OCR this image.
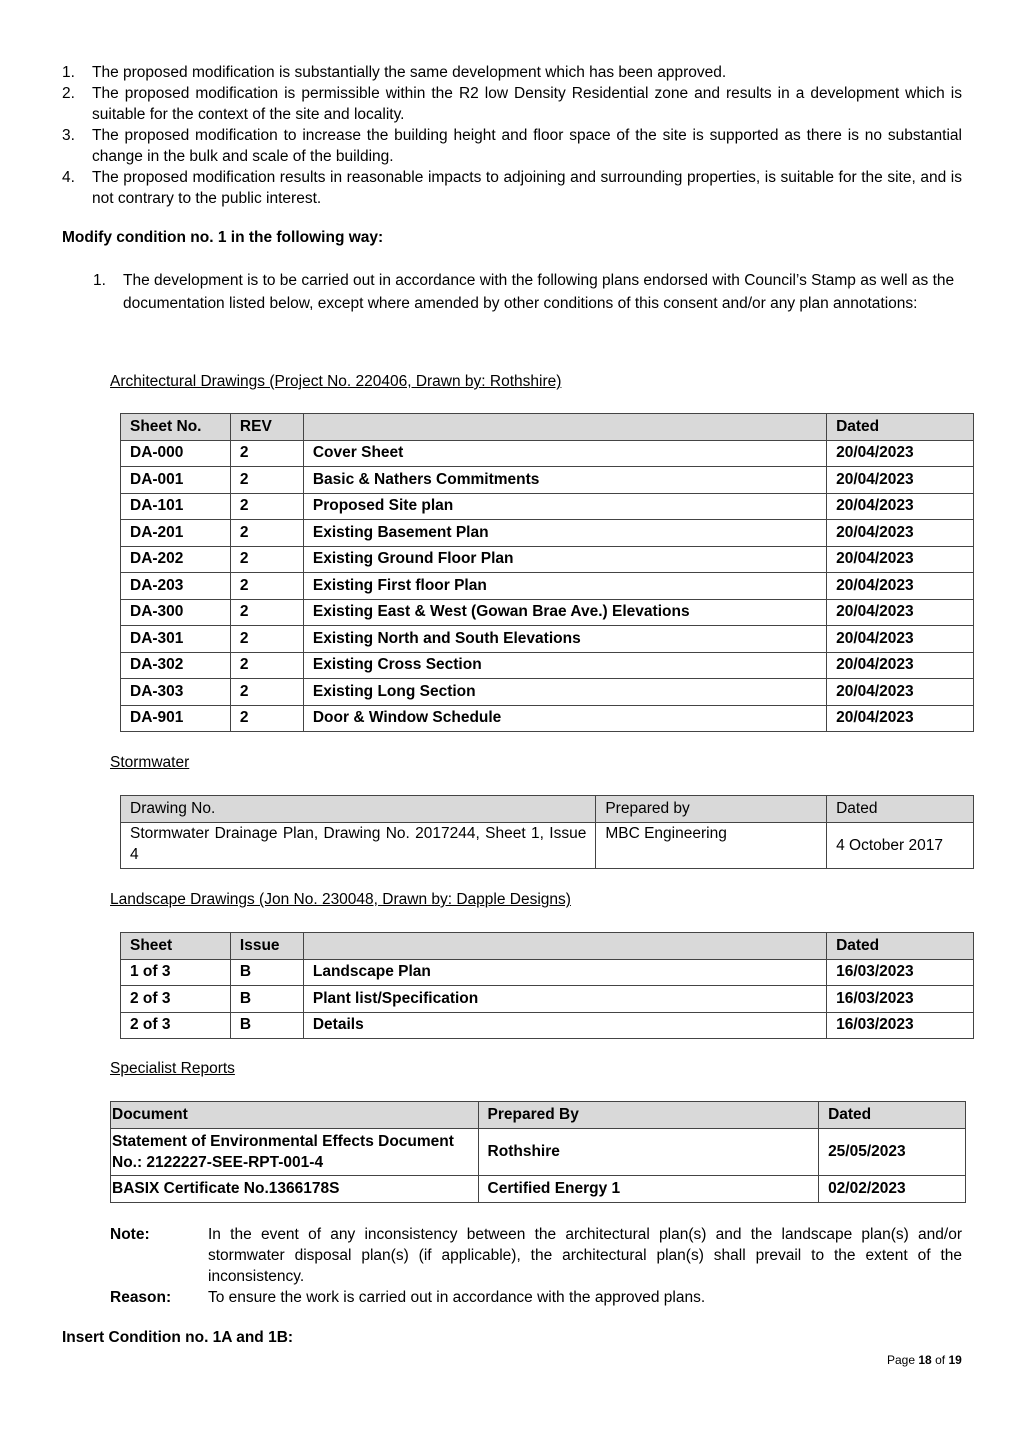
1.	The proposed modification is substantially the same development which has been approved.
2.	The proposed modification is permissible within the R2 low Density Residential zone and results in a development which is suitable for the context of the site and locality.
3.	The proposed modification to increase the building height and floor space of the site is supported as there is no substantial change in the bulk and scale of the building.
4.	The proposed modification results in reasonable impacts to adjoining and surrounding properties, is suitable for the site, and is not contrary to the public interest.
Modify condition no. 1 in the following way:
1.	The development is to be carried out in accordance with the following plans endorsed with Council’s Stamp as well as the documentation listed below, except where amended by other conditions of this consent and/or any plan annotations:
Architectural Drawings (Project No. 220406, Drawn by: Rothshire)
Sheet No.	REV		Dated
DA-000	2	Cover Sheet	20/04/2023
DA-001	2	Basic & Nathers Commitments	20/04/2023
DA-101	2	Proposed Site plan	20/04/2023
DA-201	2	Existing Basement Plan	20/04/2023
DA-202	2	Existing Ground Floor Plan	20/04/2023
DA-203	2	Existing First floor Plan	20/04/2023
DA-300	2	Existing East & West (Gowan Brae Ave.) Elevations	20/04/2023
DA-301	2	Existing North and South Elevations	20/04/2023
DA-302	2	Existing Cross Section	20/04/2023
DA-303	2	Existing Long Section	20/04/2023
DA-901	2	Door & Window Schedule	20/04/2023
Stormwater
Drawing No.	Prepared by	Dated
Stormwater Drainage Plan, Drawing No. 2017244, Sheet 1, Issue 4	MBC Engineering	4 October 2017
Landscape Drawings (Jon No. 230048, Drawn by: Dapple Designs)
Sheet	Issue		Dated
1 of 3	B	Landscape Plan	16/03/2023
2 of 3	B	Plant list/Specification	16/03/2023
2 of 3	B	Details	16/03/2023
Specialist Reports
Document	Prepared By	Dated
Statement of Environmental Effects Document No.: 2122227-SEE-RPT-001-4	Rothshire	25/05/2023
BASIX Certificate No.1366178S	Certified Energy 1	02/02/2023
Note:	In the event of any inconsistency between the architectural plan(s) and the landscape plan(s) and/or stormwater disposal plan(s) (if applicable), the architectural plan(s) shall prevail to the extent of the inconsistency.
Reason:	To ensure the work is carried out in accordance with the approved plans.
Insert Condition no. 1A and 1B:
Page 18 of 19
